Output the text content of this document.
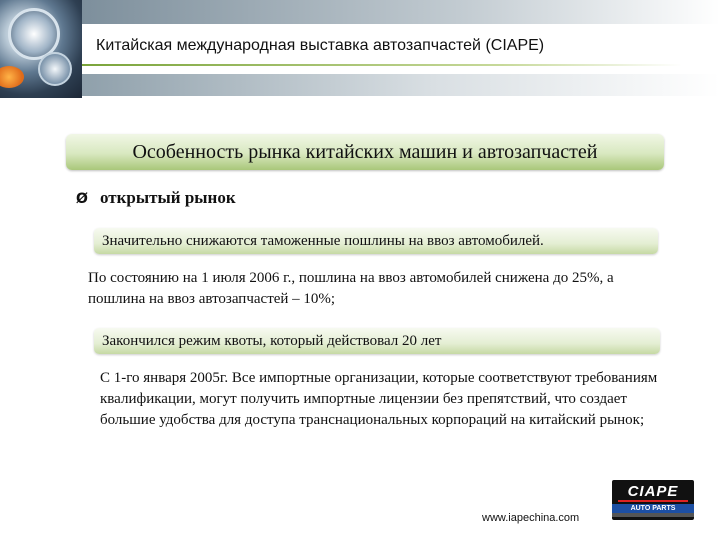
Китайская международная выставка автозапчастей (CIAPE)
Особенность рынка китайских машин и автозапчастей
Ø открытый рынок
Значительно снижаются таможенные пошлины на ввоз автомобилей.
По состоянию на 1 июля 2006 г., пошлина на ввоз автомобилей снижена до 25%, а пошлина на ввоз автозапчастей – 10%;
Закончился режим квоты, который действовал 20 лет
С 1-го января 2005г. Все импортные организации, которые соответствуют требованиям квалификации, могут получить импортные лицензии без препятствий, что создает большие удобства для доступа транснациональных корпораций на китайский рынок;
CIAPE
AUTO PARTS
www.iapechina.com
